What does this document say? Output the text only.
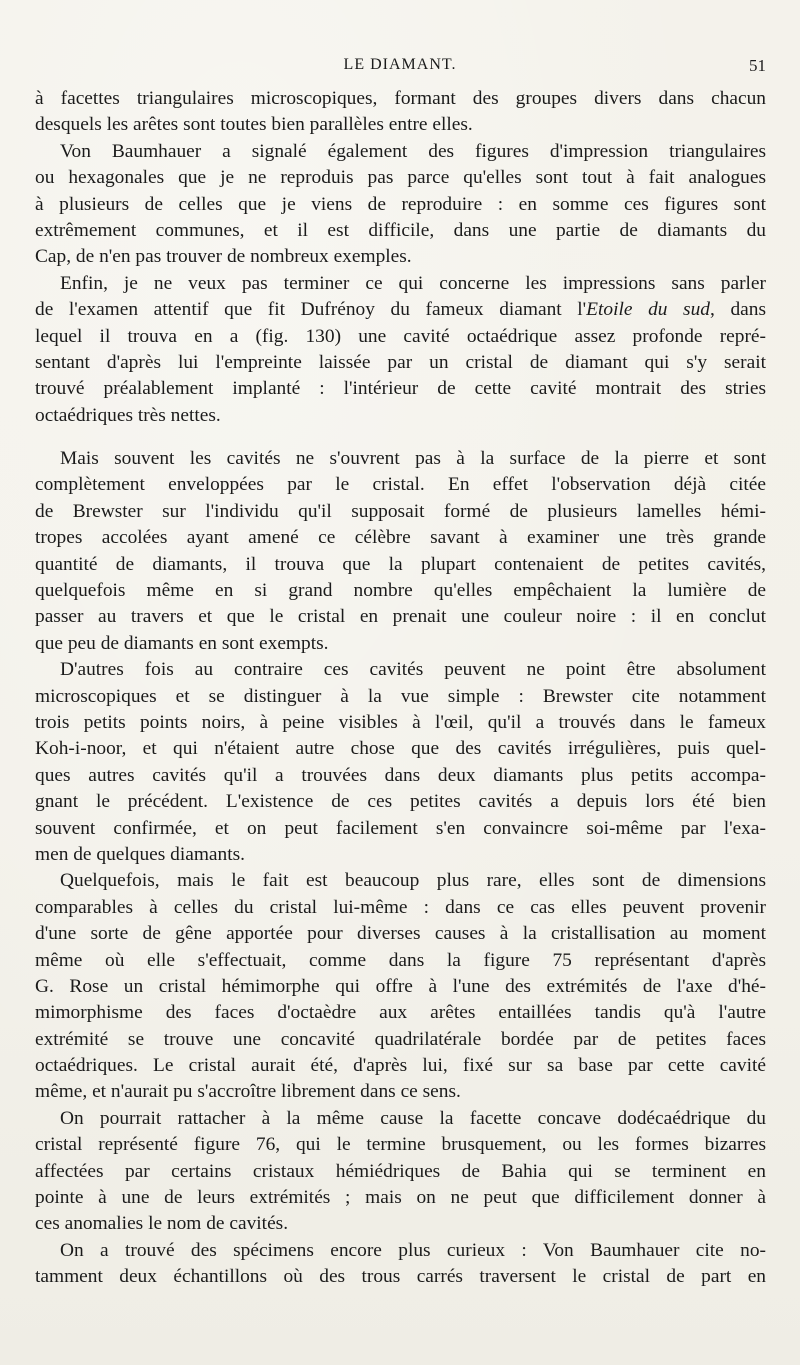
LE DIAMANT.	51
à facettes triangulaires microscopiques, formant des groupes divers dans chacun
desquels les arêtes sont toutes bien parallèles entre elles.
Von Baumhauer a signalé également des figures d'impression triangulaires
ou hexagonales que je ne reproduis pas parce qu'elles sont tout à fait analogues
à plusieurs de celles que je viens de reproduire : en somme ces figures sont
extrêmement communes, et il est difficile, dans une partie de diamants du
Cap, de n'en pas trouver de nombreux exemples.
Enfin, je ne veux pas terminer ce qui concerne les impressions sans parler
de l'examen attentif que fit Dufrénoy du fameux diamant l'Etoile du sud, dans
lequel il trouva en a (fig. 130) une cavité octaédrique assez profonde repré-
sentant d'après lui l'empreinte laissée par un cristal de diamant qui s'y serait
trouvé préalablement implanté : l'intérieur de cette cavité montrait des stries
octaédriques très nettes.
Mais souvent les cavités ne s'ouvrent pas à la surface de la pierre et sont
complètement enveloppées par le cristal. En effet l'observation déjà citée
de Brewster sur l'individu qu'il supposait formé de plusieurs lamelles hémi-
tropes accolées ayant amené ce célèbre savant à examiner une très grande
quantité de diamants, il trouva que la plupart contenaient de petites cavités,
quelquefois même en si grand nombre qu'elles empêchaient la lumière de
passer au travers et que le cristal en prenait une couleur noire : il en conclut
que peu de diamants en sont exempts.
D'autres fois au contraire ces cavités peuvent ne point être absolument
microscopiques et se distinguer à la vue simple : Brewster cite notamment
trois petits points noirs, à peine visibles à l'œil, qu'il a trouvés dans le fameux
Koh-i-noor, et qui n'étaient autre chose que des cavités irrégulières, puis quel-
ques autres cavités qu'il a trouvées dans deux diamants plus petits accompa-
gnant le précédent. L'existence de ces petites cavités a depuis lors été bien
souvent confirmée, et on peut facilement s'en convaincre soi-même par l'exa-
men de quelques diamants.
Quelquefois, mais le fait est beaucoup plus rare, elles sont de dimensions
comparables à celles du cristal lui-même : dans ce cas elles peuvent provenir
d'une sorte de gêne apportée pour diverses causes à la cristallisation au moment
même où elle s'effectuait, comme dans la figure 75 représentant d'après
G. Rose un cristal hémimorphe qui offre à l'une des extrémités de l'axe d'hé-
mimorphisme des faces d'octaèdre aux arêtes entaillées tandis qu'à l'autre
extrémité se trouve une concavité quadrilatérale bordée par de petites faces
octaédriques. Le cristal aurait été, d'après lui, fixé sur sa base par cette cavité
même, et n'aurait pu s'accroître librement dans ce sens.
On pourrait rattacher à la même cause la facette concave dodécaédrique du
cristal représenté figure 76, qui le termine brusquement, ou les formes bizarres
affectées par certains cristaux hémiédriques de Bahia qui se terminent en
pointe à une de leurs extrémités ; mais on ne peut que difficilement donner à
ces anomalies le nom de cavités.
On a trouvé des spécimens encore plus curieux : Von Baumhauer cite no-
tamment deux échantillons où des trous carrés traversent le cristal de part en
